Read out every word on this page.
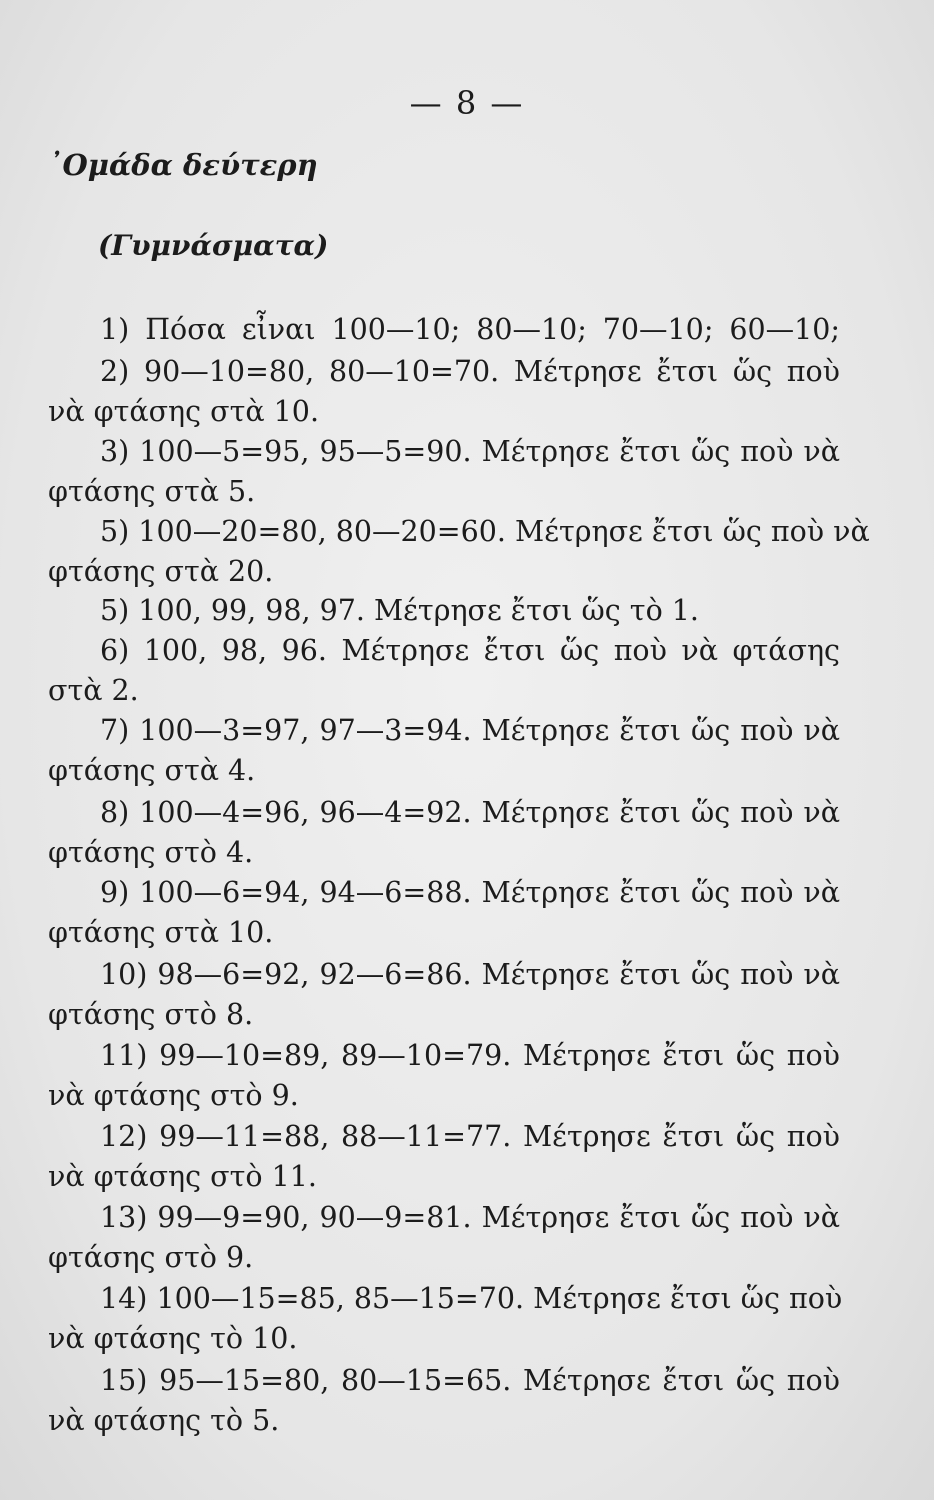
— 8 —
᾿Ομάδα δεύτερη
(Γυμνάσματα)
1) Πόσα εἶναι 100—10; 80—10; 70—10; 60—10;
2) 90—10=80, 80—10=70. Μέτρησε ἔτσι ὥς ποὺ
νὰ φτάσης στὰ 10.
3) 100—5=95, 95—5=90. Μέτρησε ἔτσι ὥς ποὺ νὰ
φτάσης στὰ 5.
5) 100—20=80, 80—20=60. Μέτρησε ἔτσι ὥς ποὺ νὰ
φτάσης στὰ 20.
5) 100, 99, 98, 97. Μέτρησε ἔτσι ὥς τὸ 1.
6) 100, 98, 96. Μέτρησε ἔτσι ὥς ποὺ νὰ φτάσης
στὰ 2.
7) 100—3=97, 97—3=94. Μέτρησε ἔτσι ὥς ποὺ νὰ
φτάσης στὰ 4.
8) 100—4=96, 96—4=92. Μέτρησε ἔτσι ὥς ποὺ νὰ
φτάσης στὸ 4.
9) 100—6=94, 94—6=88. Μέτρησε ἔτσι ὥς ποὺ νὰ
φτάσης στὰ 10.
10) 98—6=92, 92—6=86. Μέτρησε ἔτσι ὥς ποὺ νὰ
φτάσης στὸ 8.
11) 99—10=89, 89—10=79. Μέτρησε ἔτσι ὥς ποὺ
νὰ φτάσης στὸ 9.
12) 99—11=88, 88—11=77. Μέτρησε ἔτσι ὥς ποὺ
νὰ φτάσης στὸ 11.
13) 99—9=90, 90—9=81. Μέτρησε ἔτσι ὥς ποὺ νὰ
φτάσης στὸ 9.
14) 100—15=85, 85—15=70. Μέτρησε ἔτσι ὥς ποὺ
νὰ φτάσης τὸ 10.
15) 95—15=80, 80—15=65. Μέτρησε ἔτσι ὥς ποὺ
νὰ φτάσης τὸ 5.
